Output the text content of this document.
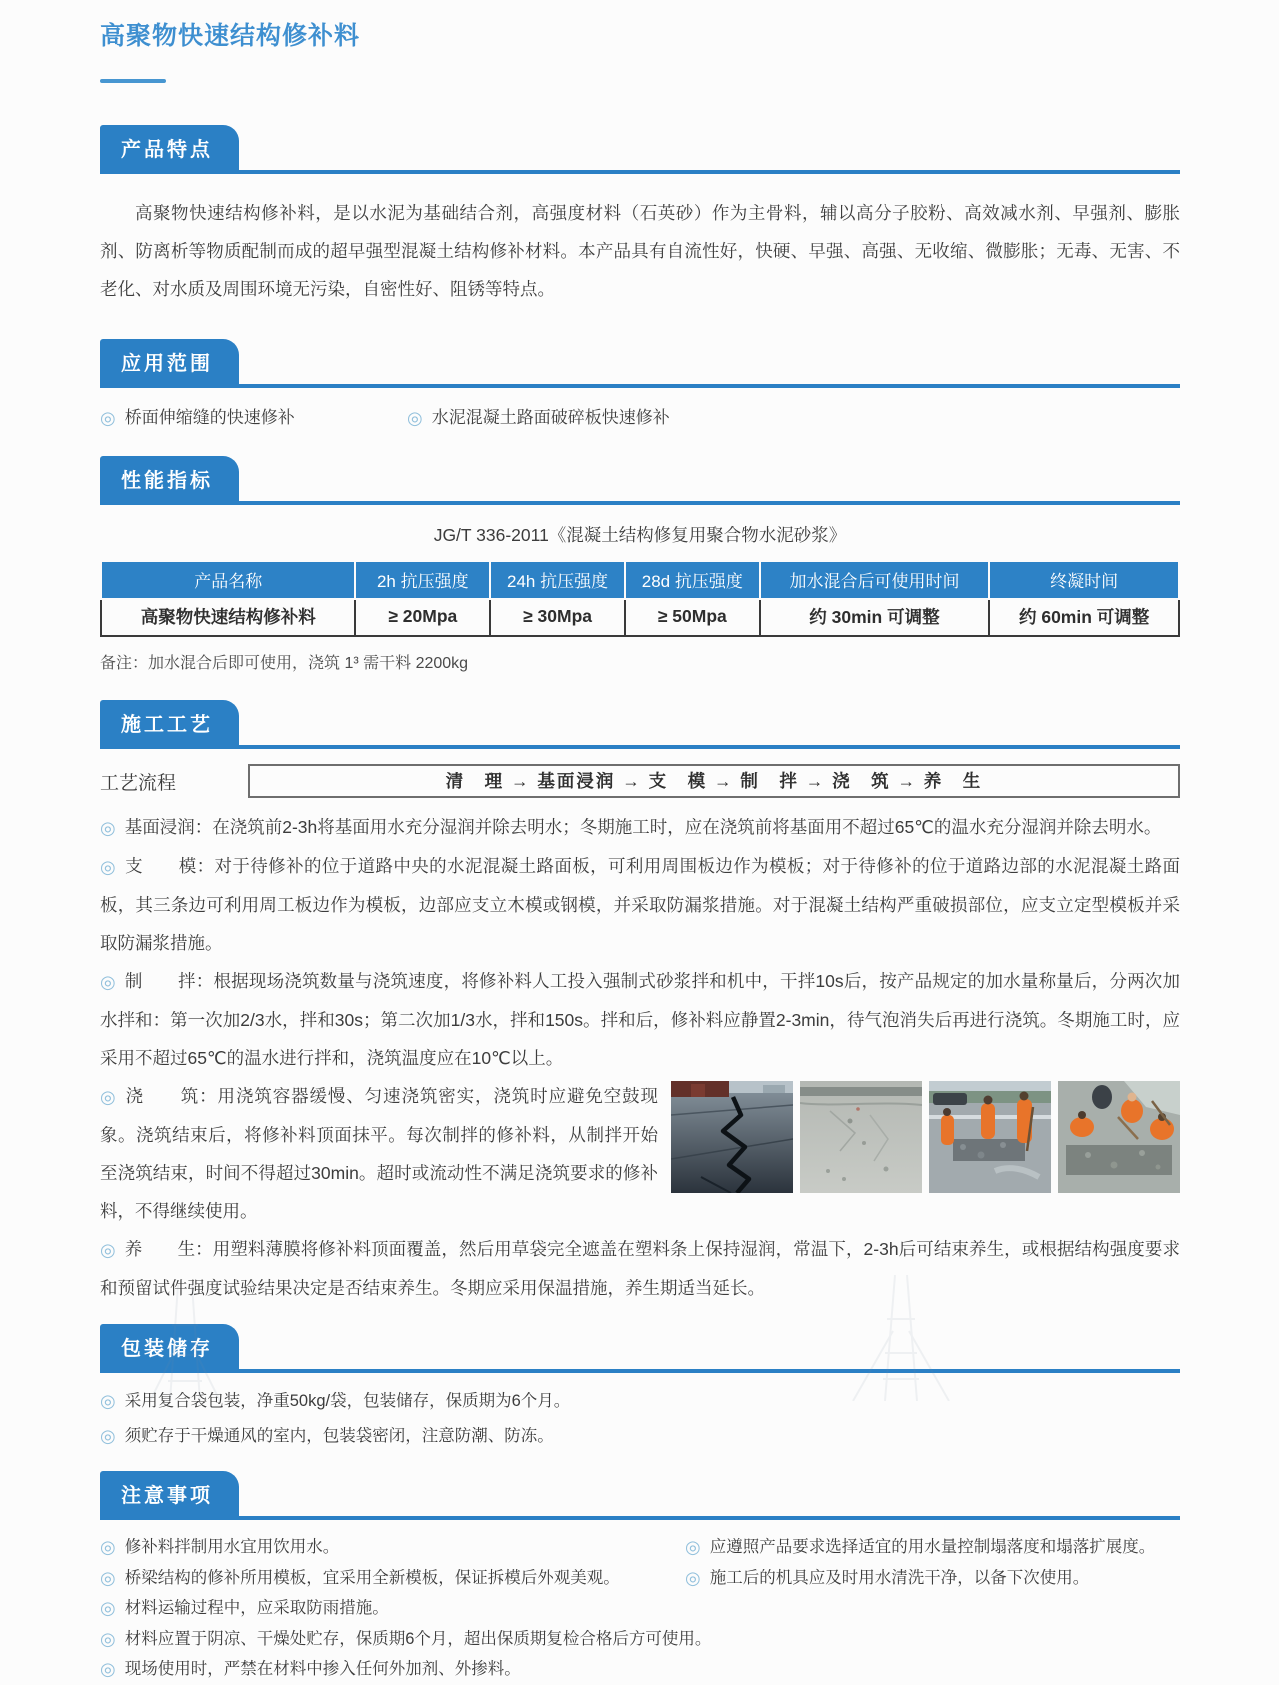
高聚物快速结构修补料
产品特点
高聚物快速结构修补料，是以水泥为基础结合剂，高强度材料（石英砂）作为主骨料，辅以高分子胶粉、高效减水剂、早强剂、膨胀剂、防离析等物质配制而成的超早强型混凝土结构修补材料。本产品具有自流性好，快硬、早强、高强、无收缩、微膨胀；无毒、无害、不老化、对水质及周围环境无污染，自密性好、阻锈等特点。
应用范围
◎ 桥面伸缩缝的快速修补	◎ 水泥混凝土路面破碎板快速修补
性能指标
JG/T 336-2011《混凝土结构修复用聚合物水泥砂浆》
产品名称	2h 抗压强度	24h 抗压强度	28d 抗压强度	加水混合后可使用时间	终凝时间
高聚物快速结构修补料	≥ 20Mpa	≥ 30Mpa	≥ 50Mpa	约 30min 可调整	约 60min 可调整
备注：加水混合后即可使用，浇筑 1³ 需干料 2200kg
施工工艺
工艺流程	清　理 → 基面浸润 → 支　模 → 制　拌 → 浇　筑 → 养　生
◎ 基面浸润：在浇筑前2-3h将基面用水充分湿润并除去明水；冬期施工时，应在浇筑前将基面用不超过65℃的温水充分湿润并除去明水。
◎ 支　　模：对于待修补的位于道路中央的水泥混凝土路面板，可利用周围板边作为模板；对于待修补的位于道路边部的水泥混凝土路面板，其三条边可利用周工板边作为模板，边部应支立木模或钢模，并采取防漏浆措施。对于混凝土结构严重破损部位，应支立定型模板并采取防漏浆措施。
◎ 制　　拌：根据现场浇筑数量与浇筑速度，将修补料人工投入强制式砂浆拌和机中，干拌10s后，按产品规定的加水量称量后，分两次加水拌和：第一次加2/3水，拌和30s；第二次加1/3水，拌和150s。拌和后，修补料应静置2-3min，待气泡消失后再进行浇筑。冬期施工时，应采用不超过65℃的温水进行拌和，浇筑温度应在10℃以上。
◎ 浇　　筑：用浇筑容器缓慢、匀速浇筑密实，浇筑时应避免空鼓现象。浇筑结束后，将修补料顶面抹平。每次制拌的修补料，从制拌开始至浇筑结束，时间不得超过30min。超时或流动性不满足浇筑要求的修补料，不得继续使用。
◎ 养　　生：用塑料薄膜将修补料顶面覆盖，然后用草袋完全遮盖在塑料条上保持湿润，常温下，2-3h后可结束养生，或根据结构强度要求和预留试件强度试验结果决定是否结束养生。冬期应采用保温措施，养生期适当延长。
包装储存
◎ 采用复合袋包装，净重50kg/袋，包装储存，保质期为6个月。
◎ 须贮存于干燥通风的室内，包装袋密闭，注意防潮、防冻。
注意事项
◎ 修补料拌制用水宜用饮用水。	◎ 应遵照产品要求选择适宜的用水量控制塌落度和塌落扩展度。
◎ 桥梁结构的修补所用模板，宜采用全新模板，保证拆模后外观美观。	◎ 施工后的机具应及时用水清洗干净，以备下次使用。
◎ 材料运输过程中，应采取防雨措施。
◎ 材料应置于阴凉、干燥处贮存，保质期6个月，超出保质期复检合格后方可使用。
◎ 现场使用时，严禁在材料中掺入任何外加剂、外掺料。
